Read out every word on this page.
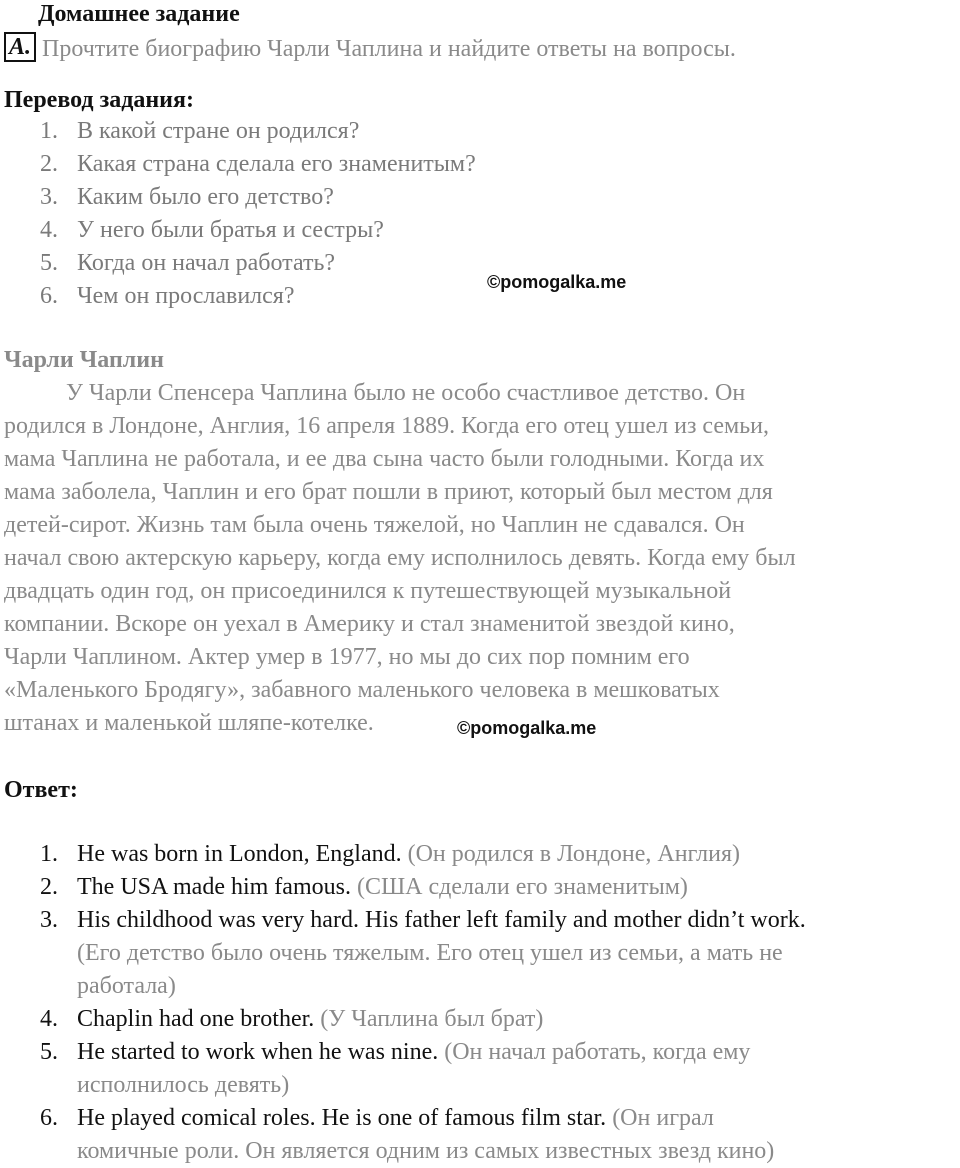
Домашнее задание
A. Прочтите биографию Чарли Чаплина и найдите ответы на вопросы.
Перевод задания:
1. В какой стране он родился?
2. Какая страна сделала его знаменитым?
3. Каким было его детство?
4. У него были братья и сестры?
5. Когда он начал работать?
6. Чем он прославился?
©pomogalka.me
Чарли Чаплин
У Чарли Спенсера Чаплина было не особо счастливое детство. Он
родился в Лондоне, Англия, 16 апреля 1889. Когда его отец ушел из семьи,
мама Чаплина не работала, и ее два сына часто были голодными. Когда их
мама заболела, Чаплин и его брат пошли в приют, который был местом для
детей-сирот. Жизнь там была очень тяжелой, но Чаплин не сдавался. Он
начал свою актерскую карьеру, когда ему исполнилось девять. Когда ему был
двадцать один год, он присоединился к путешествующей музыкальной
компании. Вскоре он уехал в Америку и стал знаменитой звездой кино,
Чарли Чаплином. Актер умер в 1977, но мы до сих пор помним его
«Маленького Бродягу», забавного маленького человека в мешковатых
штанах и маленькой шляпе-котелке.	©pomogalka.me
Ответ:
1. He was born in London, England. (Он родился в Лондоне, Англия)
2. The USA made him famous. (США сделали его знаменитым)
3. His childhood was very hard. His father left family and mother didn’t work.
(Его детство было очень тяжелым. Его отец ушел из семьи, а мать не
работала)
4. Chaplin had one brother. (У Чаплина был брат)
5. He started to work when he was nine. (Он начал работать, когда ему
исполнилось девять)
6. He played comical roles. He is one of famous film star. (Он играл
комичные роли. Он является одним из самых известных звезд кино)
